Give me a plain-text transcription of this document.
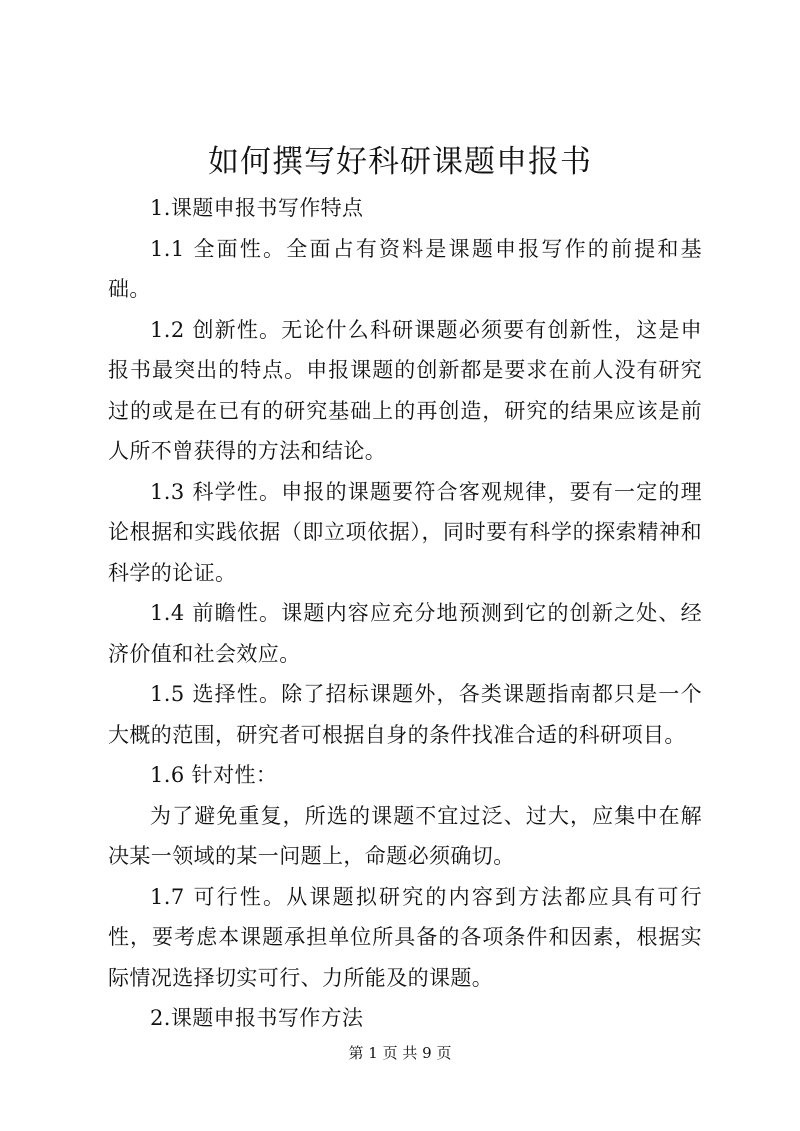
如何撰写好科研课题申报书

1.课题申报书写作特点

1.1 全面性。全面占有资料是课题申报写作的前提和基础。

1.2 创新性。无论什么科研课题必须要有创新性，这是申报书最突出的特点。申报课题的创新都是要求在前人没有研究过的或是在已有的研究基础上的再创造，研究的结果应该是前人所不曾获得的方法和结论。

1.3 科学性。申报的课题要符合客观规律，要有一定的理论根据和实践依据（即立项依据），同时要有科学的探索精神和科学的论证。

1.4 前瞻性。课题内容应充分地预测到它的创新之处、经济价值和社会效应。

1.5 选择性。除了招标课题外，各类课题指南都只是一个大概的范围，研究者可根据自身的条件找准合适的科研项目。

1.6 针对性：

为了避免重复，所选的课题不宜过泛、过大，应集中在解决某一领域的某一问题上，命题必须确切。

1.7 可行性。从课题拟研究的内容到方法都应具有可行性，要考虑本课题承担单位所具备的各项条件和因素，根据实际情况选择切实可行、力所能及的课题。

2.课题申报书写作方法

第 1 页 共 9 页
